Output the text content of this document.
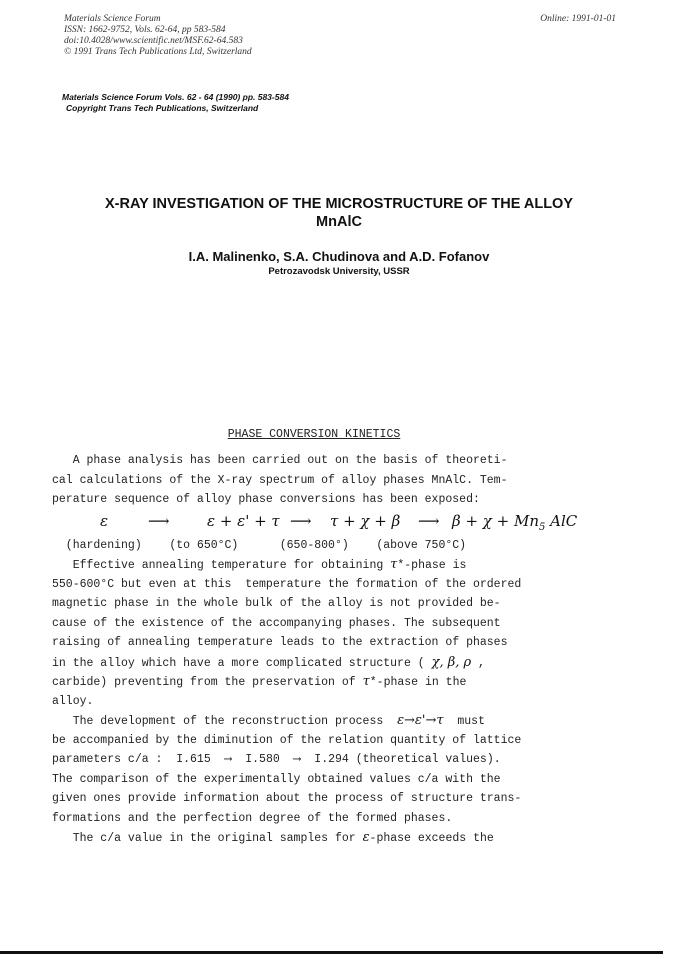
Materials Science Forum
ISSN: 1662-9752, Vols. 62-64, pp 583-584
doi:10.4028/www.scientific.net/MSF.62-64.583
© 1991 Trans Tech Publications Ltd, Switzerland
Online: 1991-01-01
Materials Science Forum Vols. 62 - 64 (1990) pp. 583-584
Copyright Trans Tech Publications, Switzerland
X-RAY INVESTIGATION OF THE MICROSTRUCTURE OF THE ALLOY
MnAlC
I.A. Malinenko, S.A. Chudinova and A.D. Fofanov
Petrozavodsk University, USSR
PHASE CONVERSION KINETICS
A phase analysis has been carried out on the basis of theoreti-
cal calculations of the X-ray spectrum of alloy phases MnAlC. Tem-
perature sequence of alloy phase conversions has been exposed:

ε

	⟶

ε + ε' + τ

⟶

τ + χ + β

⟶

$\beta + \chi + Mn_5$ AlC

(hardening)    (to 650°C)      (650-800°)    (above 750°C)
Effective annealing temperature for obtaining τ*-phase is
550-600°C but even at this  temperature the formation of the ordered
magnetic phase in the whole bulk of the alloy is not provided be-
cause of the existence of the accompanying phases. The subsequent
raising of annealing temperature leads to the extraction of phases
in the alloy which have a more complicated structure ( χ, β, ρ ,
carbide) preventing from the preservation of τ*-phase in the
alloy.
The development of the reconstruction process  ε→ε'→τ  must
be accompanied by the diminution of the relation quantity of lattice
parameters c/a :  I.615  ⟶  I.580  ⟶  I.294 (theoretical values).
The comparison of the experimentally obtained values c/a with the
given ones provide information about the process of structure trans-
formations and the perfection degree of the formed phases.
The c/a value in the original samples for ε-phase exceeds the
